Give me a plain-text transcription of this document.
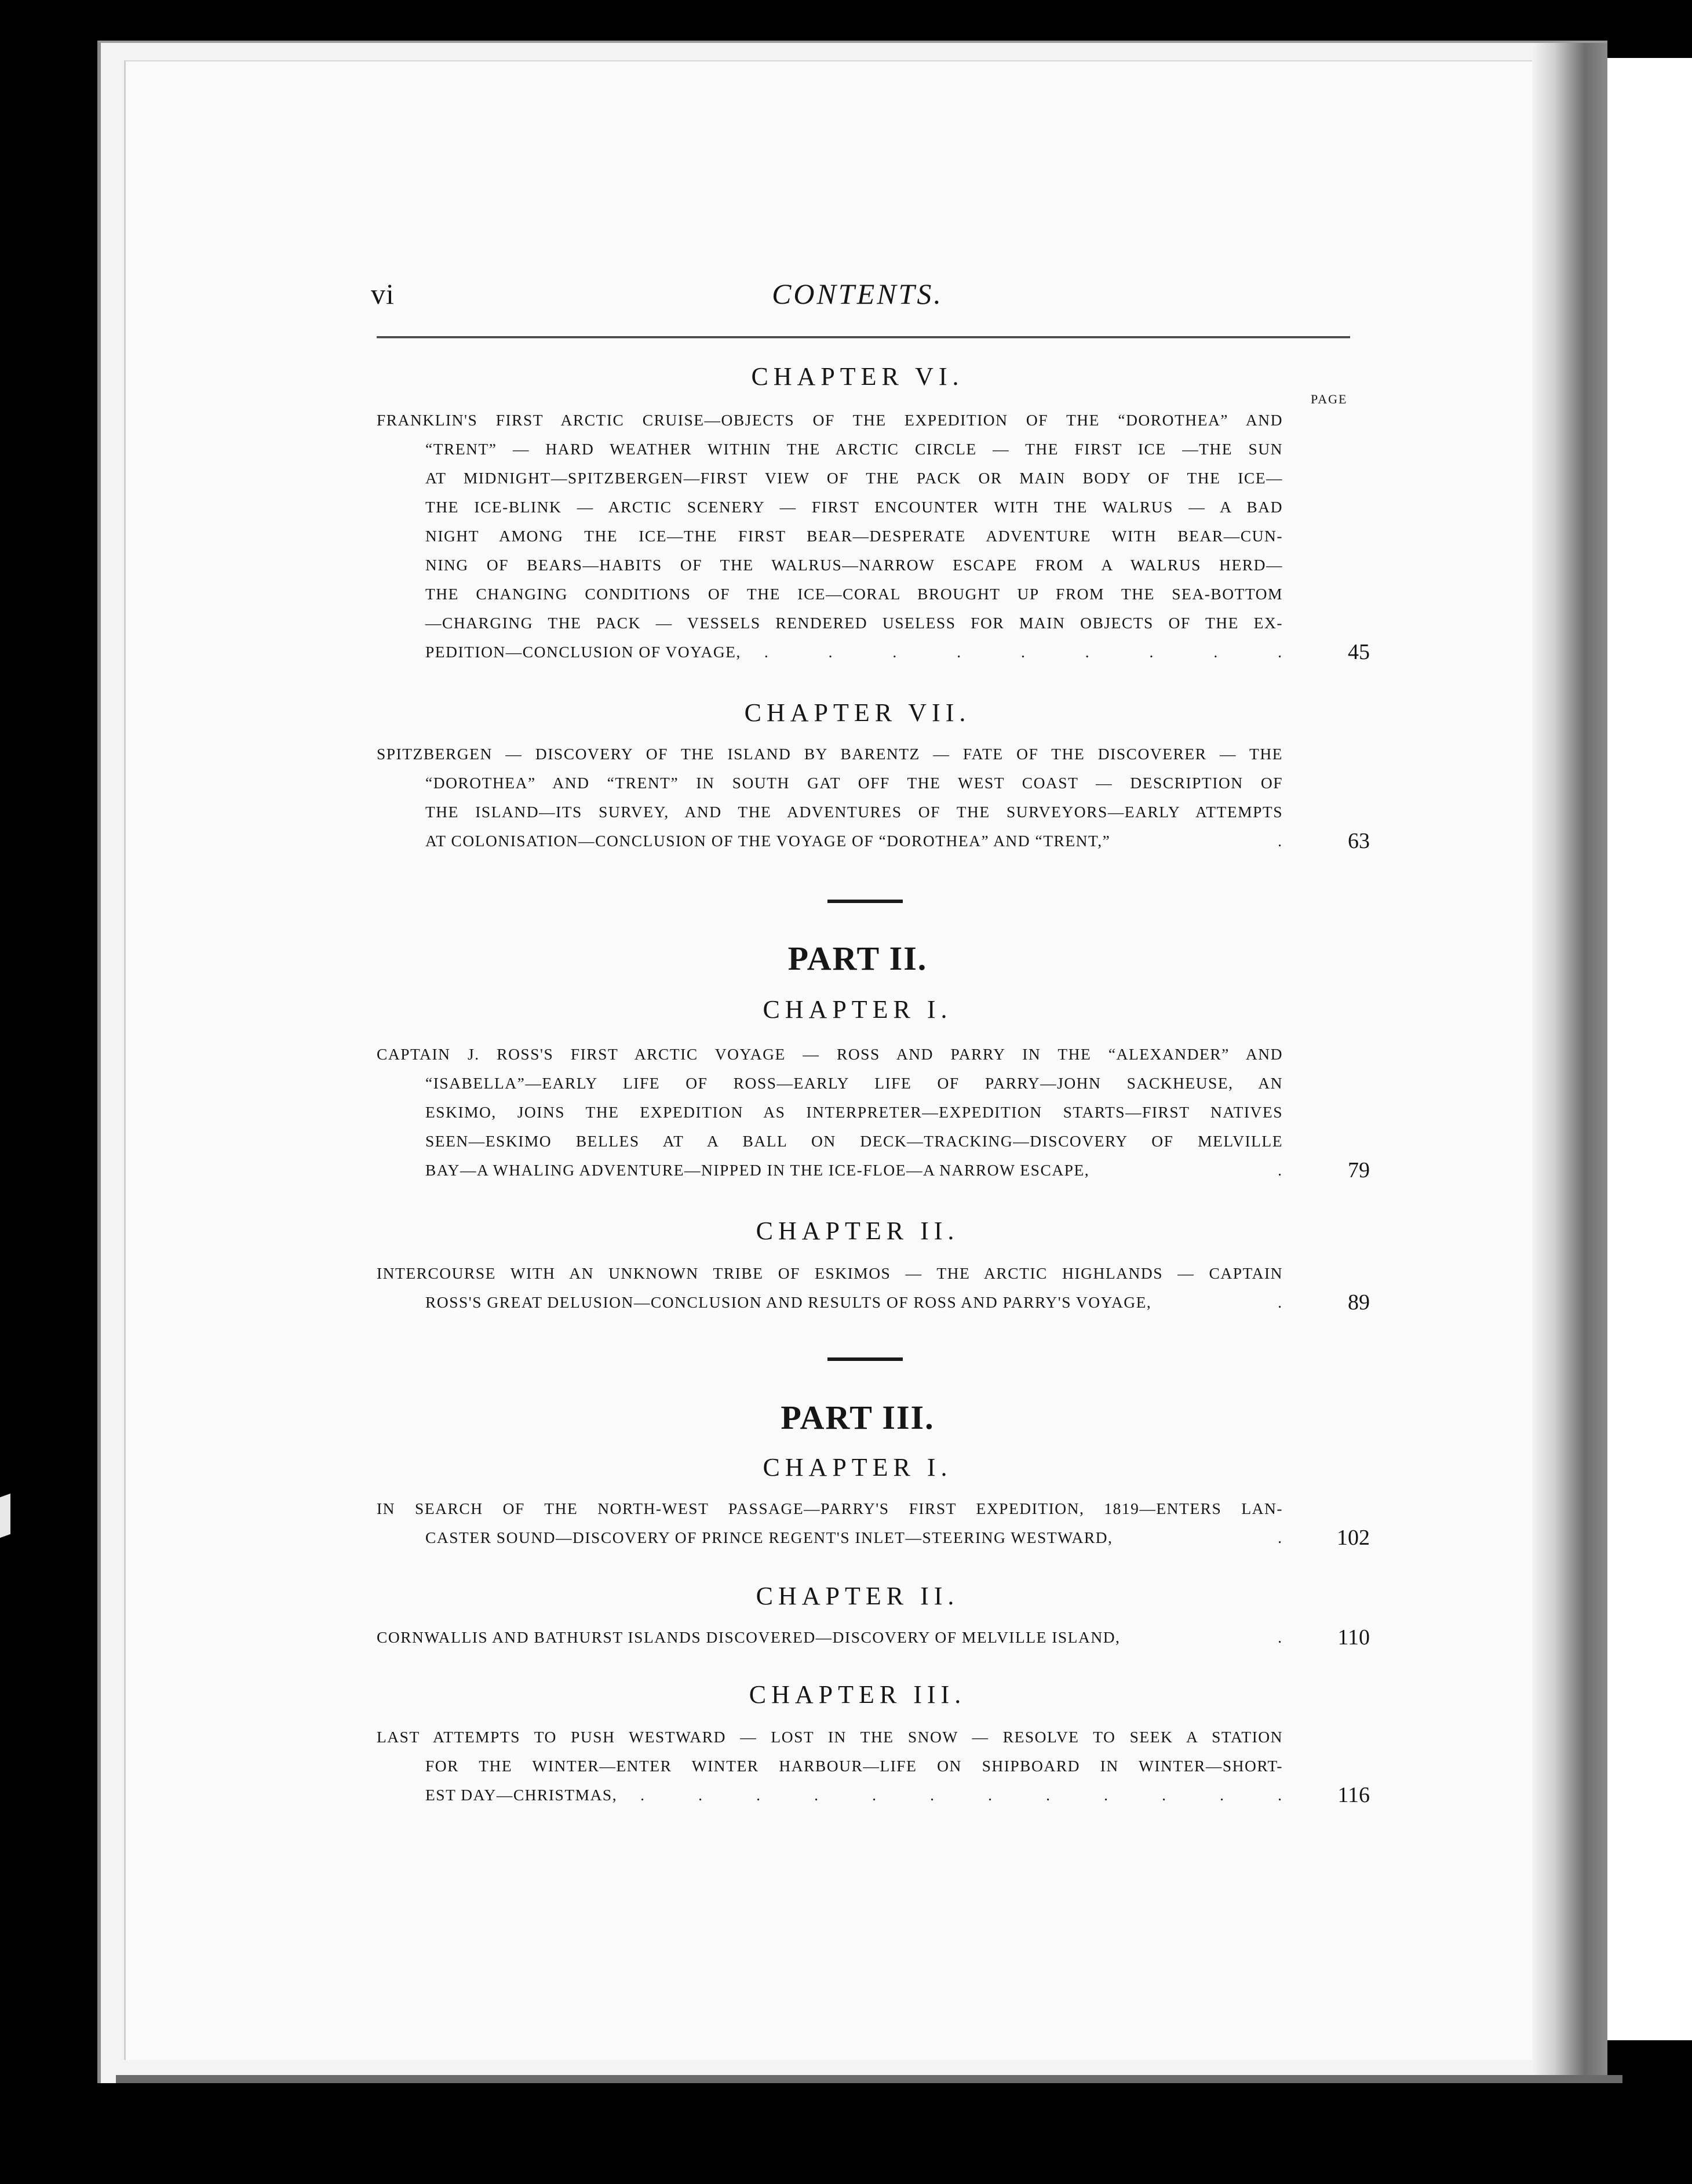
vi	CONTENTS.
CHAPTER VI.
PAGE
FRANKLIN'S FIRST ARCTIC CRUISE—OBJECTS OF THE EXPEDITION OF THE “DOROTHEA” AND
“TRENT” — HARD WEATHER WITHIN THE ARCTIC CIRCLE — THE FIRST ICE —THE SUN
AT MIDNIGHT—SPITZBERGEN—FIRST VIEW OF THE PACK OR MAIN BODY OF THE ICE—
THE ICE-BLINK — ARCTIC SCENERY — FIRST ENCOUNTER WITH THE WALRUS — A BAD
NIGHT AMONG THE ICE—THE FIRST BEAR—DESPERATE ADVENTURE WITH BEAR—CUN-
NING OF BEARS—HABITS OF THE WALRUS—NARROW ESCAPE FROM A WALRUS HERD—
THE CHANGING CONDITIONS OF THE ICE—CORAL BROUGHT UP FROM THE SEA-BOTTOM
—CHARGING THE PACK — VESSELS RENDERED USELESS FOR MAIN OBJECTS OF THE EX-
PEDITION—CONCLUSION OF VOYAGE,	. . . . . . . . .	45
CHAPTER VII.
SPITZBERGEN — DISCOVERY OF THE ISLAND BY BARENTZ — FATE OF THE DISCOVERER — THE
“DOROTHEA” AND “TRENT” IN SOUTH GAT OFF THE WEST COAST — DESCRIPTION OF
THE ISLAND—ITS SURVEY, AND THE ADVENTURES OF THE SURVEYORS—EARLY ATTEMPTS
AT COLONISATION—CONCLUSION OF THE VOYAGE OF “DOROTHEA” AND “TRENT,”	.	63
PART II.
CHAPTER I.
CAPTAIN J. ROSS'S FIRST ARCTIC VOYAGE — ROSS AND PARRY IN THE “ALEXANDER” AND
“ISABELLA”—EARLY LIFE OF ROSS—EARLY LIFE OF PARRY—JOHN SACKHEUSE, AN
ESKIMO, JOINS THE EXPEDITION AS INTERPRETER—EXPEDITION STARTS—FIRST NATIVES
SEEN—ESKIMO BELLES AT A BALL ON DECK—TRACKING—DISCOVERY OF MELVILLE
BAY—A WHALING ADVENTURE—NIPPED IN THE ICE-FLOE—A NARROW ESCAPE,	.	79
CHAPTER II.
INTERCOURSE WITH AN UNKNOWN TRIBE OF ESKIMOS — THE ARCTIC HIGHLANDS — CAPTAIN
ROSS'S GREAT DELUSION—CONCLUSION AND RESULTS OF ROSS AND PARRY'S VOYAGE,	.	89
PART III.
CHAPTER I.
IN SEARCH OF THE NORTH-WEST PASSAGE—PARRY'S FIRST EXPEDITION, 1819—ENTERS LAN-
CASTER SOUND—DISCOVERY OF PRINCE REGENT'S INLET—STEERING WESTWARD,	.	102
CHAPTER II.
CORNWALLIS AND BATHURST ISLANDS DISCOVERED—DISCOVERY OF MELVILLE ISLAND,	.	110
CHAPTER III.
LAST ATTEMPTS TO PUSH WESTWARD — LOST IN THE SNOW — RESOLVE TO SEEK A STATION
FOR THE WINTER—ENTER WINTER HARBOUR—LIFE ON SHIPBOARD IN WINTER—SHORT-
EST DAY—CHRISTMAS,	. . . . . . . . . . . .	116
